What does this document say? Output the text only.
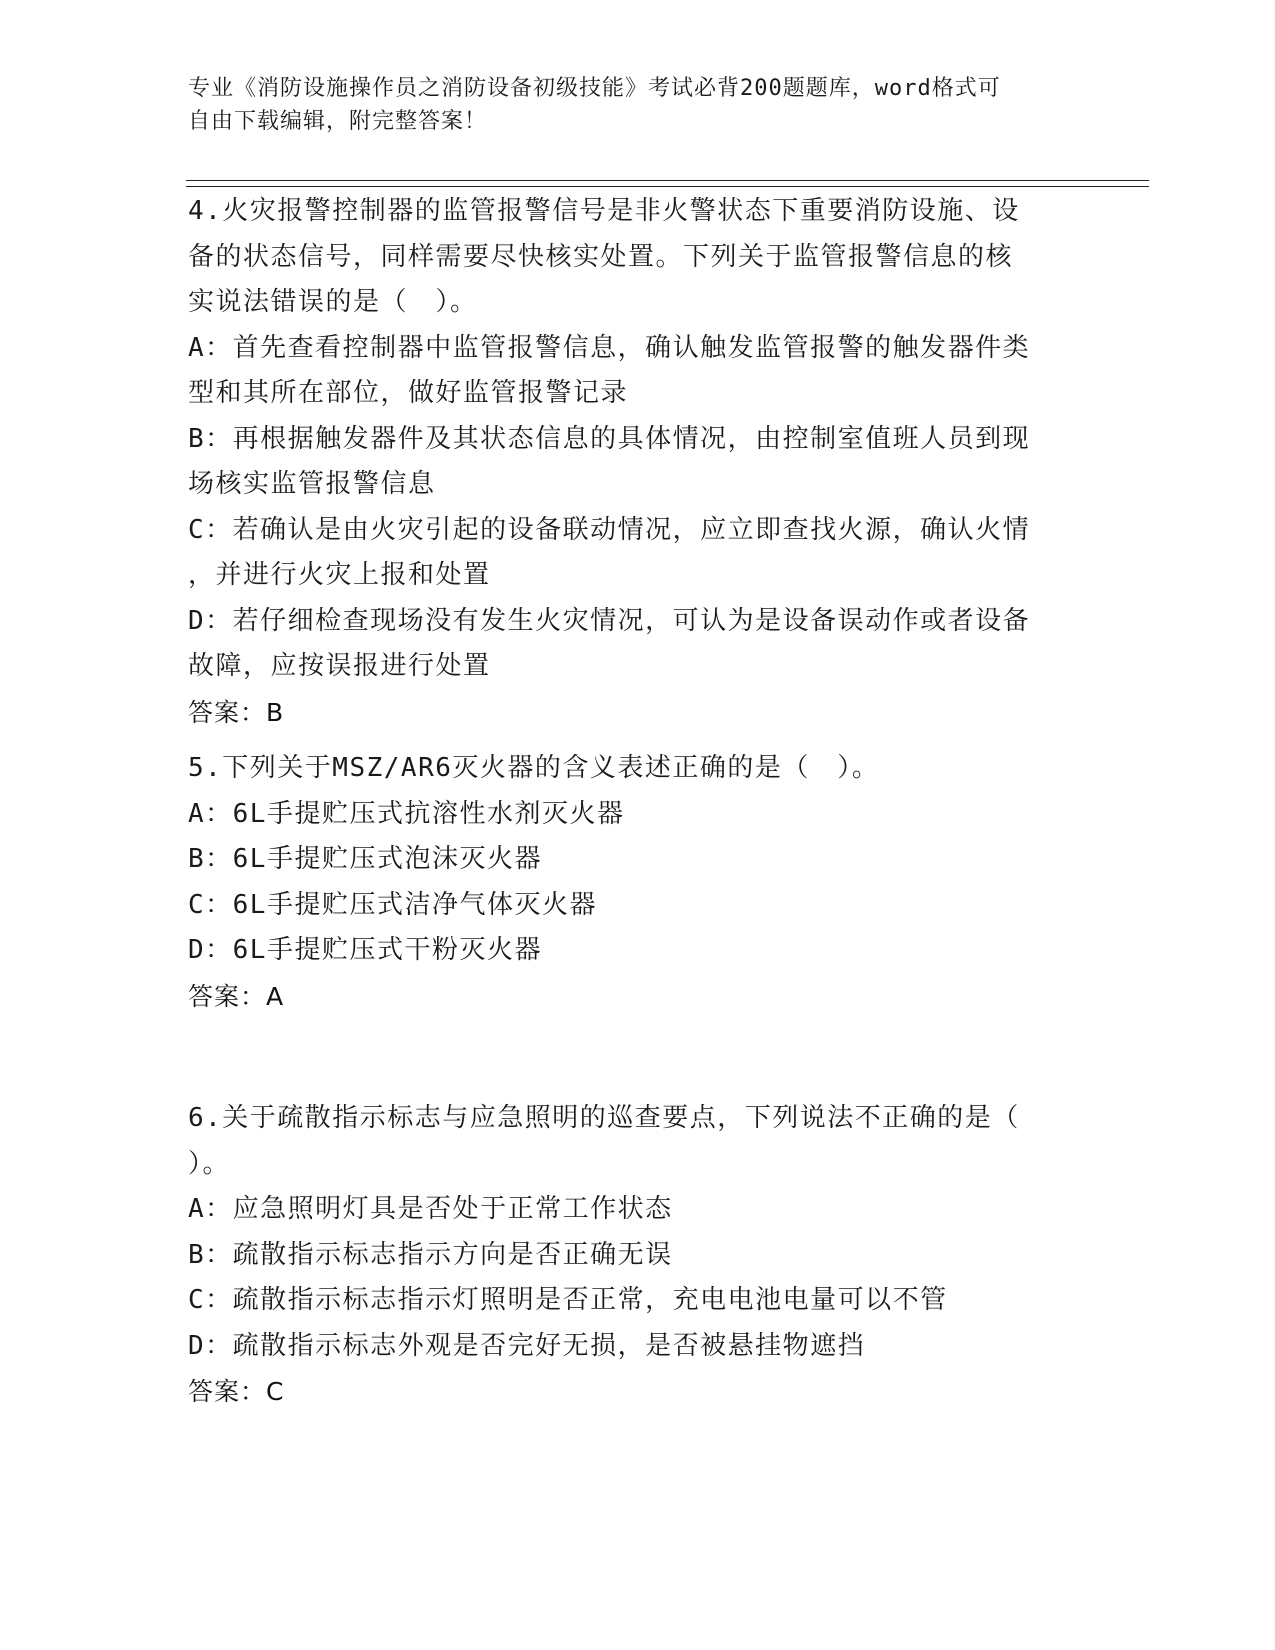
专业《消防设施操作员之消防设备初级技能》考试必背200题题库，word格式可
自由下载编辑，附完整答案！
4.火灾报警控制器的监管报警信号是非火警状态下重要消防设施、设
备的状态信号，同样需要尽快核实处置。下列关于监管报警信息的核
实说法错误的是（　）。
A：首先查看控制器中监管报警信息，确认触发监管报警的触发器件类
型和其所在部位，做好监管报警记录
B：再根据触发器件及其状态信息的具体情况，由控制室值班人员到现
场核实监管报警信息
C：若确认是由火灾引起的设备联动情况，应立即查找火源，确认火情
，并进行火灾上报和处置
D：若仔细检查现场没有发生火灾情况，可认为是设备误动作或者设备
故障，应按误报进行处置
答案：B
5.下列关于MSZ/AR6灭火器的含义表述正确的是（　）。
A：6L手提贮压式抗溶性水剂灭火器
B：6L手提贮压式泡沫灭火器
C：6L手提贮压式洁净气体灭火器
D：6L手提贮压式干粉灭火器
答案：A
6.关于疏散指示标志与应急照明的巡查要点，下列说法不正确的是（
）。
A：应急照明灯具是否处于正常工作状态
B：疏散指示标志指示方向是否正确无误
C：疏散指示标志指示灯照明是否正常，充电电池电量可以不管
D：疏散指示标志外观是否完好无损，是否被悬挂物遮挡
答案：C
